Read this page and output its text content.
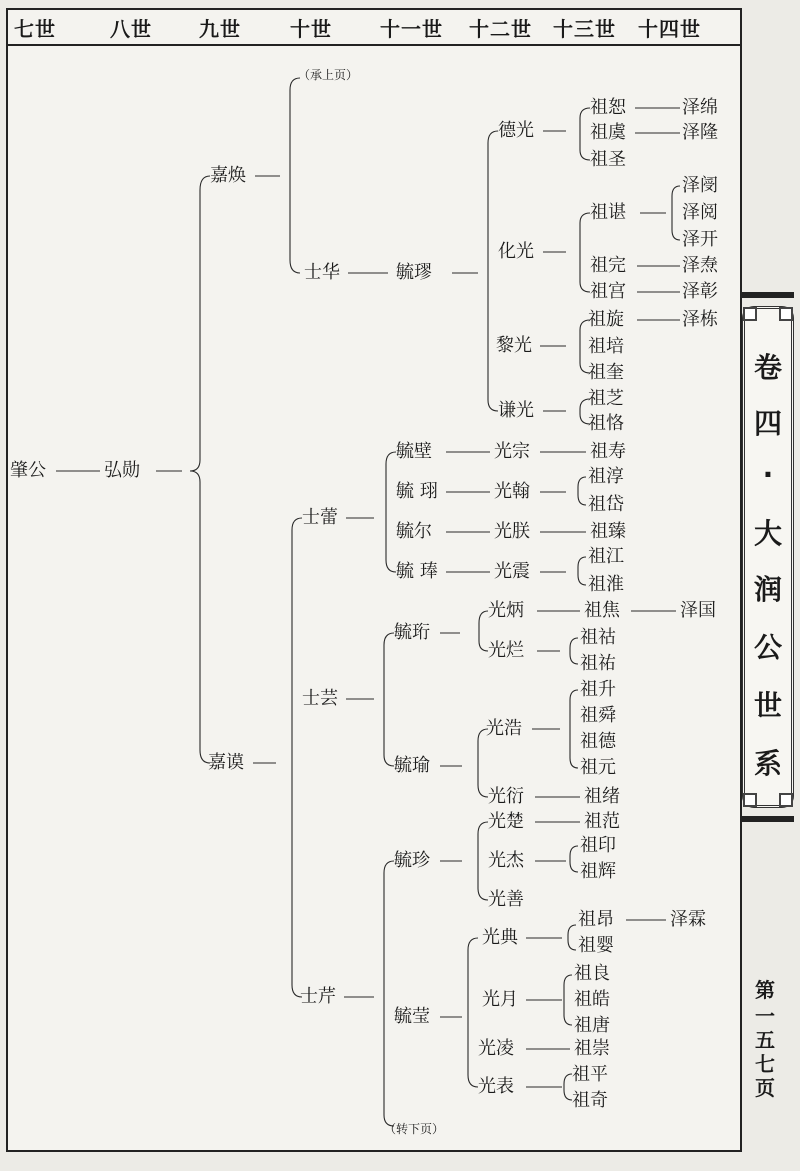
七世	八世 九世 十世 十一世 十二世 十三世 十四世
（承上页）
（转下页）
肇公	弘勋
嘉焕
嘉谟
士华
士蕾
士芸
士芹
毓璆
德光
化光
黎光
谦光
祖恕
祖虞
祖圣
泽绵
泽隆
祖谌
泽阌
泽阅
泽开
祖完	泽焘
祖宫	泽彰
祖旋	泽栋
祖培
祖奎
祖芝
祖恪
毓壁	光宗	祖寿
毓 珝	光翰
祖淳
祖岱
毓尔	光朕	祖臻
毓 琫	光震
祖江
祖淮
毓珩
光炳	祖焦	泽国
光烂
祖祜
祖祐
毓瑜
光浩
祖升
祖舜
祖德
祖元
光衍	祖绪
毓珍
光楚	祖范
光杰
祖印
祖辉
光善
毓莹
光典
祖昂	泽霖
祖婴
光月
祖良
祖皓
祖唐
光凌	祖崇
光表
祖平
祖奇
卷
四
·
大
润
公
世
系
第
一
五
七
页
